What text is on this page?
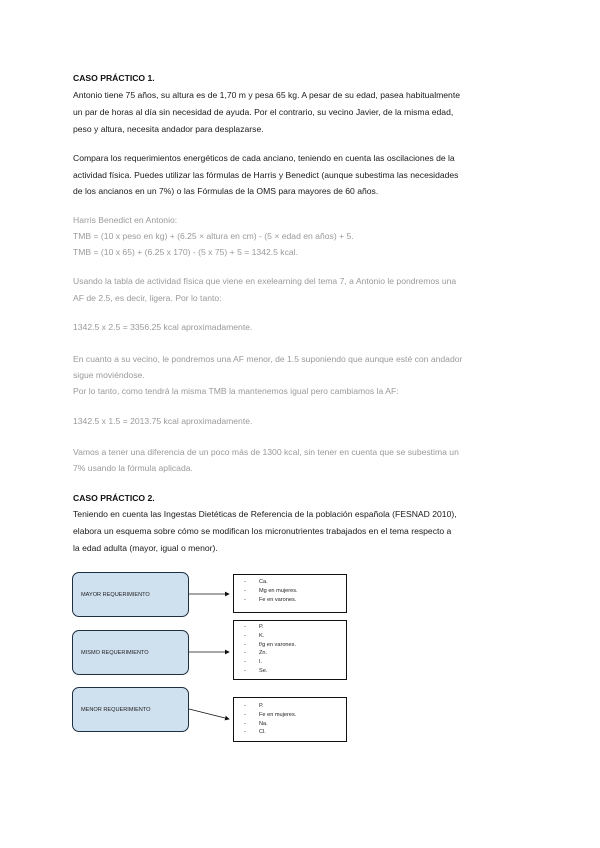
CASO PRÁCTICO 1.
Antonio tiene 75 años, su altura es de 1,70 m y pesa 65 kg. A pesar de su edad, pasea habitualmente
un par de horas al día sin necesidad de ayuda. Por el contrario, su vecino Javier, de la misma edad,
peso y altura, necesita andador para desplazarse.
Compara los requerimientos energéticos de cada anciano, teniendo en cuenta las oscilaciones de la
actividad física. Puedes utilizar las fórmulas de Harris y Benedict (aunque subestima las necesidades
de los ancianos en un 7%) o las Fórmulas de la OMS para mayores de 60 años.
Harris Benedict en Antonio:
TMB = (10 x peso en kg) + (6.25 × altura en cm) - (5 × edad en años) + 5.
TMB = (10 x 65) + (6.25 x 170) - (5 x 75) + 5 = 1342.5 kcal.
Usando la tabla de actividad física que viene en exelearning del tema 7, a Antonio le pondremos una
AF de 2.5, es decir, ligera. Por lo tanto:
1342.5 x 2.5 = 3356.25 kcal aproximadamente.
En cuanto a su vecino, le pondremos una AF menor, de 1.5 suponiendo que aunque esté con andador
sigue moviéndose.
Por lo tanto, como tendrá la misma TMB la mantenemos igual pero cambiamos la AF:
1342.5 x 1.5 = 2013.75 kcal aproximadamente.
Vamos a tener una diferencia de un poco más de 1300 kcal, sin tener en cuenta que se subestima un
7% usando la fórmula aplicada.
CASO PRÁCTICO 2.
Teniendo en cuenta las Ingestas Dietéticas de Referencia de la población española (FESNAD 2010),
elabora un esquema sobre cómo se modifican los micronutrientes trabajados en el tema respecto a
la edad adulta (mayor, igual o menor).
MAYOR REQUERIMIENTO
- Ca.
- Mg en mujeres.
- Fe en varones.
MISMO REQUERIMIENTO
- P.
- K.
- f/g en varones.
- Zn.
- I.
- Se.
MENOR REQUERIMIENTO
- P.
- Fe en mujeres.
- Na.
- Cl.
